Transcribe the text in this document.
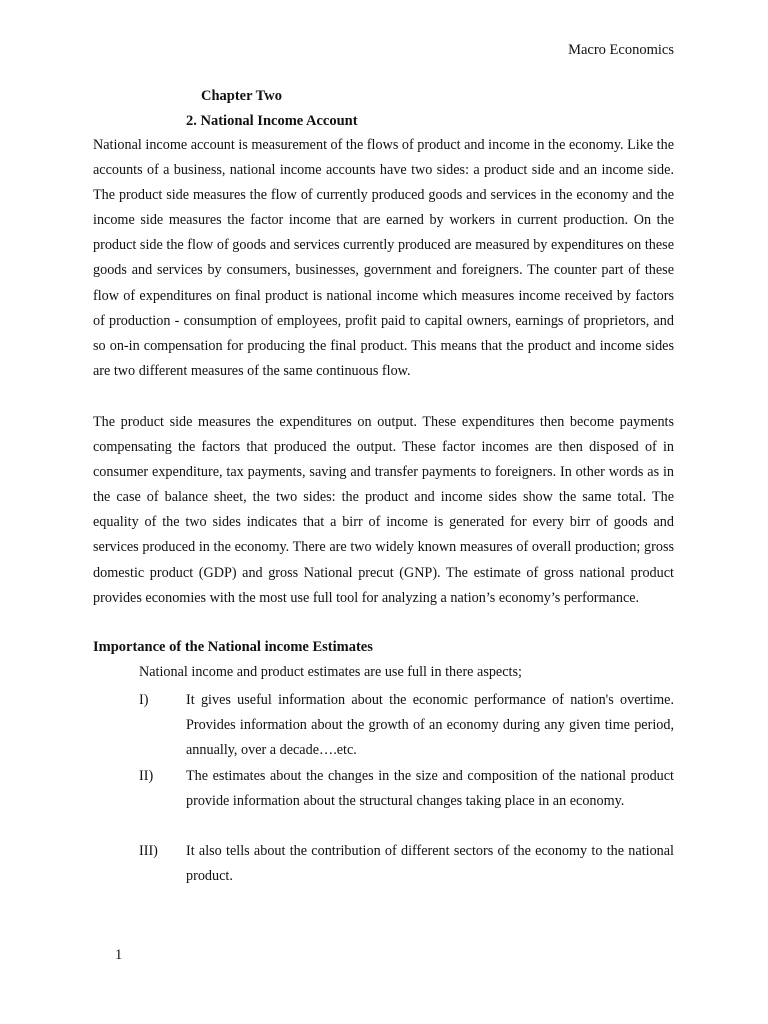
Macro Economics
Chapter Two
2. National Income Account

National income account is measurement of the flows of product and income in the economy. Like the accounts of a business, national income accounts have two sides: a product side and an income side. The product side measures the flow of currently produced goods and services in the economy and the income side measures the factor income that are earned by workers in current production. On the product side the flow of goods and services currently produced are measured by expenditures on these goods and services by consumers, businesses, government and foreigners. The counter part of these flow of expenditures on final product is national income which measures income received by factors of production - consumption of employees, profit paid to capital owners, earnings of proprietors, and so on-in compensation for producing the final product. This means that the product and income sides are two different measures of the same continuous flow.

The product side measures the expenditures on output. These expenditures then become payments compensating the factors that produced the output. These factor incomes are then disposed of in consumer expenditure, tax payments, saving and transfer payments to foreigners. In other words as in the case of balance sheet, the two sides: the product and income sides show the same total. The equality of the two sides indicates that a birr of income is generated for every birr of goods and services produced in the economy. There are two widely known measures of overall production; gross domestic product (GDP) and gross National precut (GNP). The estimate of gross national product provides economies with the most use full tool for analyzing a nation’s economy’s performance.

Importance of the National income Estimates
National income and product estimates are use full in there aspects;
I)	It gives useful information about the economic performance of nation's overtime. Provides information about the growth of an economy during any given time period, annually, over a decade….etc.

II) The estimates about the changes in the size and composition of the national product provide information about the structural changes taking place in an economy.

III) It also tells about the contribution of different sectors of the economy to the national product.

1
